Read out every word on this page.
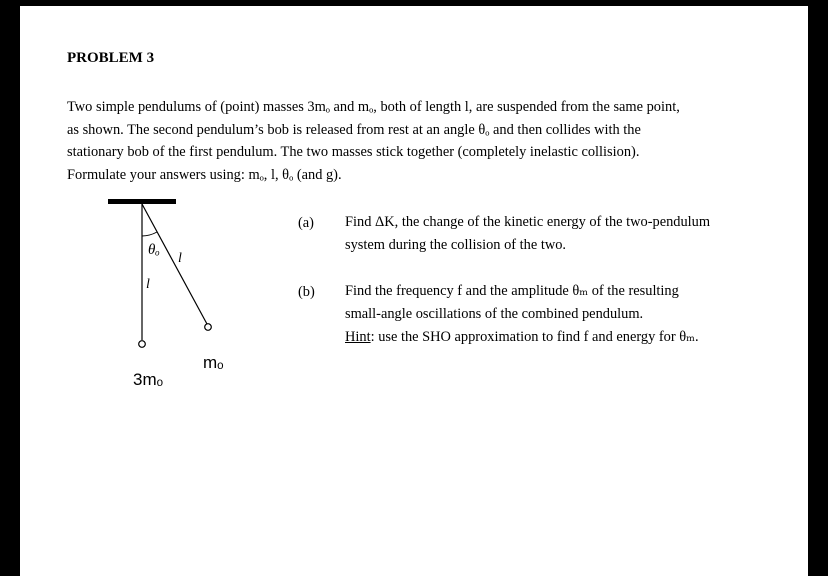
PROBLEM 3
Two simple pendulums of (point) masses 3mₒ and mₒ, both of length l, are suspended from the same point,
as shown. The second pendulum’s bob is released from rest at an angle θₒ and then collides with the
stationary bob of the first pendulum. The two masses stick together (completely inelastic collision).
Formulate your answers using: mₒ, l, θₒ (and g).
θₒ
l
l
3mₒ
mₒ
(a) Find ΔK, the change of the kinetic energy of the two-pendulum
system during the collision of the two.
(b) Find the frequency f and the amplitude θₘ of the resulting
small-angle oscillations of the combined pendulum.
Hint: use the SHO approximation to find f and energy for θₘ.
